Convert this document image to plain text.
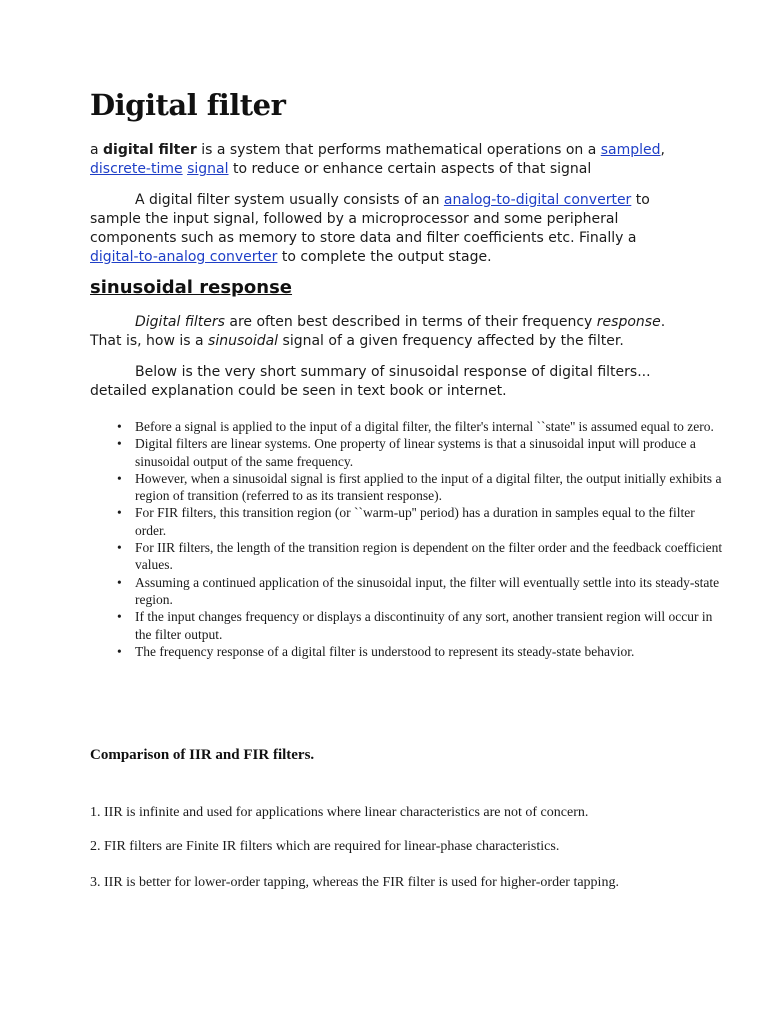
Digital filter

a digital filter is a system that performs mathematical operations on a sampled,
discrete-time signal to reduce or enhance certain aspects of that signal

A digital filter system usually consists of an analog-to-digital converter to sample the input signal, followed by a microprocessor and some peripheral components such as memory to store data and filter coefficients etc. Finally a digital-to-analog converter to complete the output stage.

sinusoidal response

Digital filters are often best described in terms of their frequency response. That is, how is a sinusoidal signal of a given frequency affected by the filter.

Below is the very short summary of sinusoidal response of digital filters... detailed explanation could be seen in text book or internet.

• Before a signal is applied to the input of a digital filter, the filter's internal ``state'' is assumed equal to zero.
• Digital filters are linear systems. One property of linear systems is that a sinusoidal input will produce a sinusoidal output of the same frequency.
• However, when a sinusoidal signal is first applied to the input of a digital filter, the output initially exhibits a region of transition (referred to as its transient response).
• For FIR filters, this transition region (or ``warm-up'' period) has a duration in samples equal to the filter order.
• For IIR filters, the length of the transition region is dependent on the filter order and the feedback coefficient values.
• Assuming a continued application of the sinusoidal input, the filter will eventually settle into its steady-state region.
• If the input changes frequency or displays a discontinuity of any sort, another transient region will occur in the filter output.
• The frequency response of a digital filter is understood to represent its steady-state behavior.
Comparison of IIR and FIR filters.

1. IIR is infinite and used for applications where linear characteristics are not of concern.

2. FIR filters are Finite IR filters which are required for linear-phase characteristics.

3. IIR is better for lower-order tapping, whereas the FIR filter is used for higher-order tapping.
